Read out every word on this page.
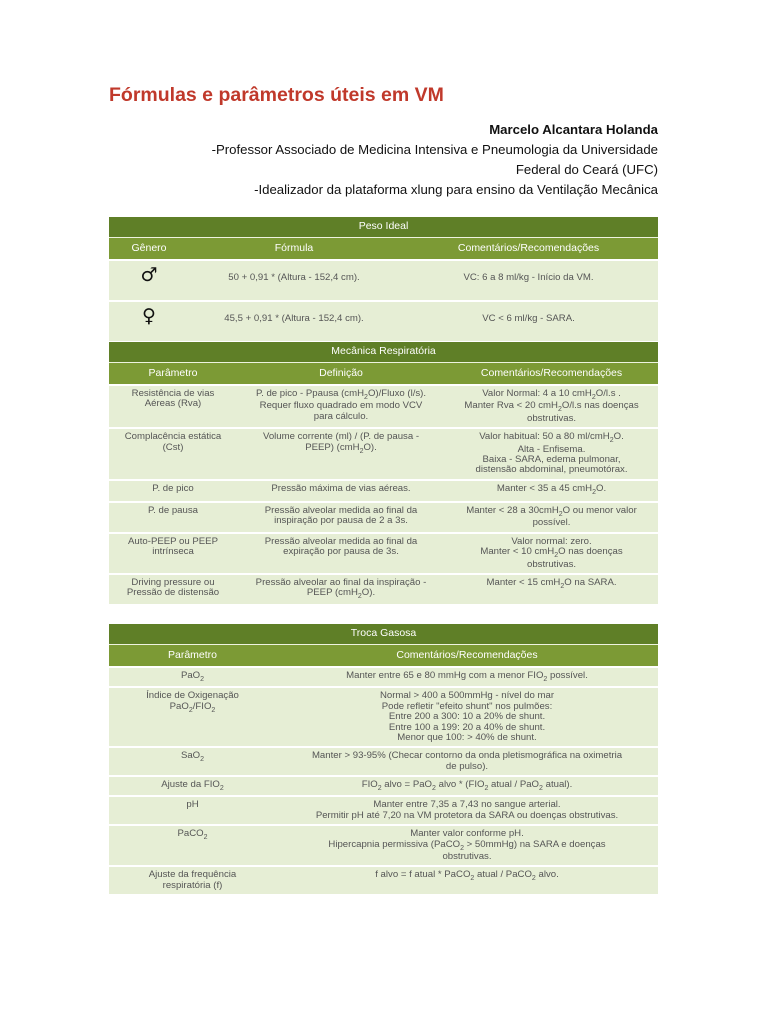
Fórmulas e parâmetros úteis em VM
Marcelo Alcantara Holanda
-Professor Associado de Medicina Intensiva e Pneumologia da Universidade
Federal do Ceará (UFC)
-Idealizador da plataforma xlung para ensino da Ventilação Mecânica
Peso Ideal		
Gênero	Fórmula	Comentários/Recomendações
♂	50 + 0,91 * (Altura - 152,4 cm).	VC: 6 a 8 ml/kg - Início da VM.
♀	45,5 + 0,91 * (Altura - 152,4 cm).	VC < 6 ml/kg - SARA.
Mecânica Respiratória		
Parâmetro	Definição	Comentários/Recomendações
Resistência de vias
Aéreas (Rva)	P. de pico - Ppausa (cmH$_2$O)/Fluxo (l/s).
Requer fluxo quadrado em modo VCV
para cálculo.	Valor Normal: 4 a 10 cmH$_2$O/l.s .
Manter Rva < 20 cmH$_2$O/l.s nas doenças
obstrutivas.
Complacência estática
(Cst)	Volume corrente (ml) / (P. de pausa -
PEEP) (cmH$_2$O).	Valor habitual: 50 a 80 ml/cmH$_2$O.
Alta - Enfisema.
Baixa - SARA, edema pulmonar,
distensão abdominal, pneumotórax.
P. de pico	Pressão máxima de vias aéreas.	Manter < 35 a 45 cmH$_2$O.
P. de pausa	Pressão alveolar medida ao final da
inspiração por pausa de 2 a 3s.	Manter < 28 a 30cmH$_2$O ou menor valor
possível.
Auto-PEEP ou PEEP
intrínseca	Pressão alveolar medida ao final da
expiração por pausa de 3s.	Valor normal: zero.
Manter < 10 cmH$_2$O nas doenças
obstrutivas.
Driving pressure ou
Pressão de distensão	Pressão alveolar ao final da inspiração -
PEEP (cmH$_2$O).	Manter < 15 cmH$_2$O na SARA.
Troca Gasosa	
Parâmetro	Comentários/Recomendações
PaO$_2$	Manter entre 65 e 80 mmHg com a menor $FIO_2$ possível.
Índice de Oxigenação
$PaO_2/FIO_2$	Normal > 400 a 500mmHg - nível do mar
Pode refletir "efeito shunt" nos pulmões:
Entre 200 a 300: 10 a 20% de shunt.
Entre 100 a 199: 20 a 40% de shunt.
Menor que 100: > 40% de shunt.
SaO$_2$	Manter > 93-95% (Checar contorno da onda pletismográfica na oximetria
de pulso).
Ajuste da $FIO_2$	$FIO_2$ alvo = PaO$_2$ alvo * ($FIO_2$ atual / PaO$_2$ atual).
pH	Manter entre 7,35 a 7,43 no sangue arterial.
Permitir pH até 7,20 na VM protetora da SARA ou doenças obstrutivas.
PaCO$_2$	Manter valor conforme pH.
Hipercapnia permissiva (PaCO$_2$ > 50mmHg) na SARA e doenças
obstrutivas.
Ajuste da frequência
respiratória (f)	f alvo = f atual * PaCO$_2$ atual / PaCO$_2$ alvo.
